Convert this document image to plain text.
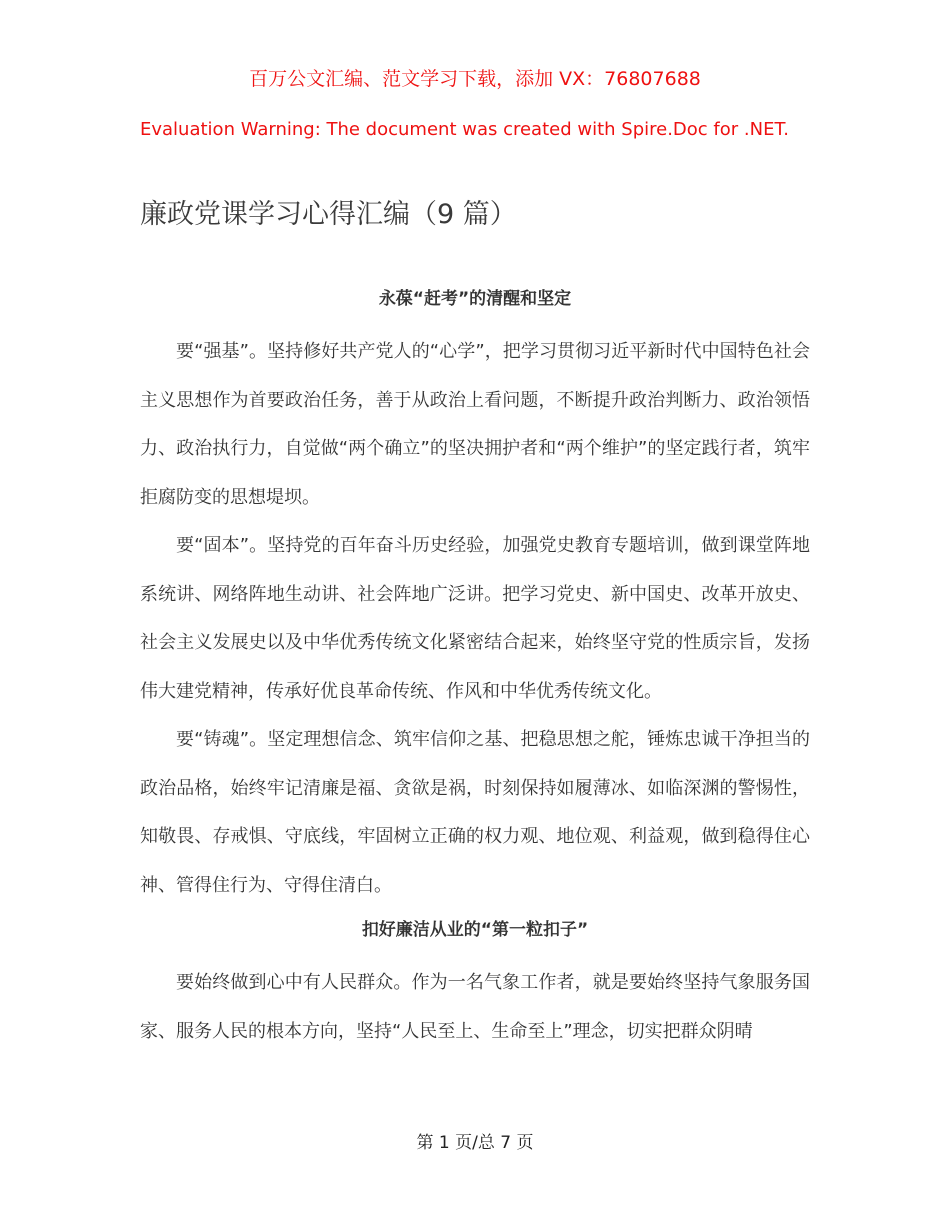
百万公文汇编、范文学习下载，添加 VX：76807688
Evaluation Warning: The document was created with Spire.Doc for .NET.
廉政党课学习心得汇编（9 篇）
永葆“赶考”的清醒和坚定

要“强基”。坚持修好共产党人的“心学”，把学习贯彻习近平新时代中国特色社会主义思想作为首要政治任务，善于从政治上看问题，不断提升政治判断力、政治领悟力、政治执行力，自觉做“两个确立”的坚决拥护者和“两个维护”的坚定践行者，筑牢拒腐防变的思想堤坝。

要“固本”。坚持党的百年奋斗历史经验，加强党史教育专题培训，做到课堂阵地系统讲、网络阵地生动讲、社会阵地广泛讲。把学习党史、新中国史、改革开放史、社会主义发展史以及中华优秀传统文化紧密结合起来，始终坚守党的性质宗旨，发扬伟大建党精神，传承好优良革命传统、作风和中华优秀传统文化。

要“铸魂”。坚定理想信念、筑牢信仰之基、把稳思想之舵，锤炼忠诚干净担当的政治品格，始终牢记清廉是福、贪欲是祸，时刻保持如履薄冰、如临深渊的警惕性，知敬畏、存戒惧、守底线，牢固树立正确的权力观、地位观、利益观，做到稳得住心神、管得住行为、守得住清白。

扣好廉洁从业的“第一粒扣子”

要始终做到心中有人民群众。作为一名气象工作者，就是要始终坚持气象服务国家、服务人民的根本方向，坚持“人民至上、生命至上”理念，切实把群众阴晴

第 1 页/总 7 页
